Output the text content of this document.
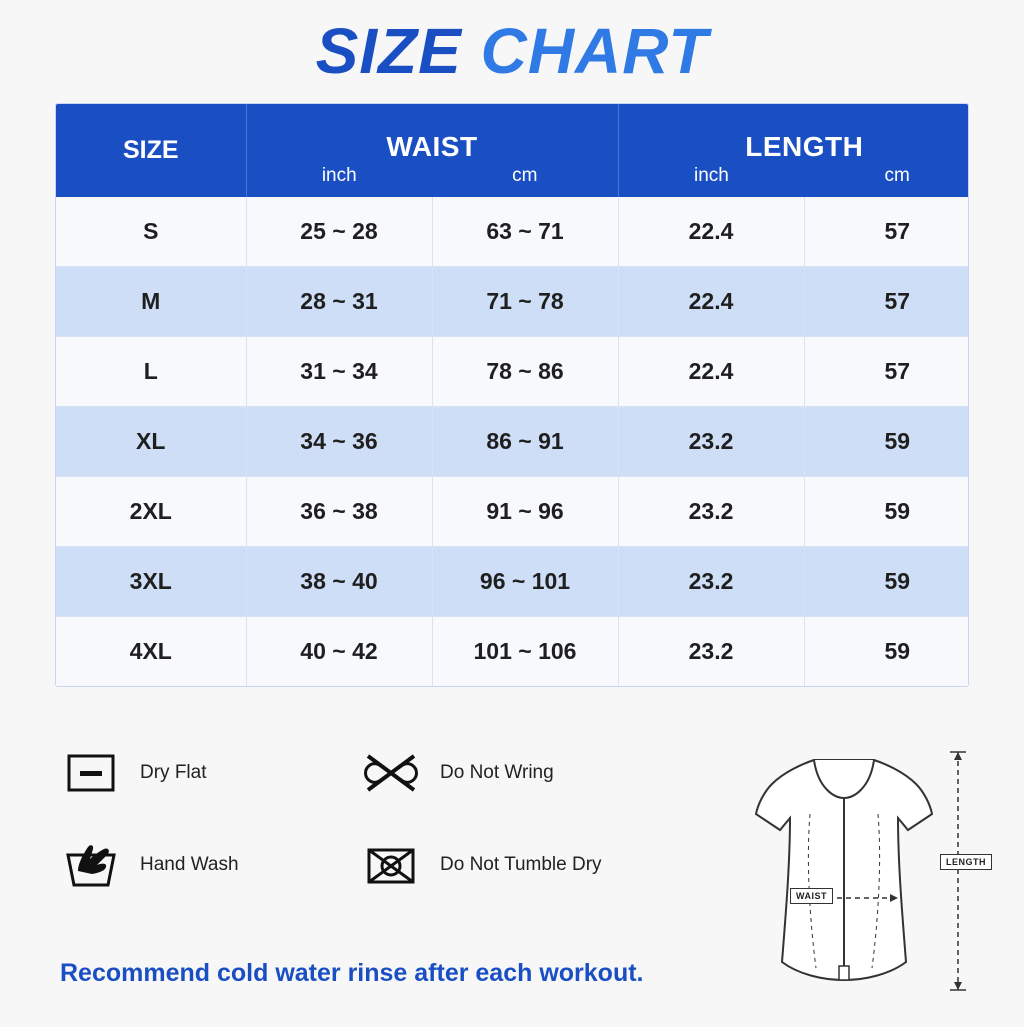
SIZE CHART
SIZE	WAIST
inch	cm

LENGTH
inch	cm

S	25 ~ 28	63 ~ 71	22.4	57
M	28 ~ 31	71 ~ 78	22.4	57
L	31 ~ 34	78 ~ 86	22.4	57
XL	34 ~ 36	86 ~ 91	23.2	59
2XL	36 ~ 38	91 ~ 96	23.2	59
3XL	38 ~ 40	96 ~ 101	23.2	59
4XL	40 ~ 42	101 ~ 106	23.2	59
Dry Flat	Do Not Wring
Hand Wash	Do Not Tumble Dry
WAIST
LENGTH
Recommend cold water rinse after each workout.
